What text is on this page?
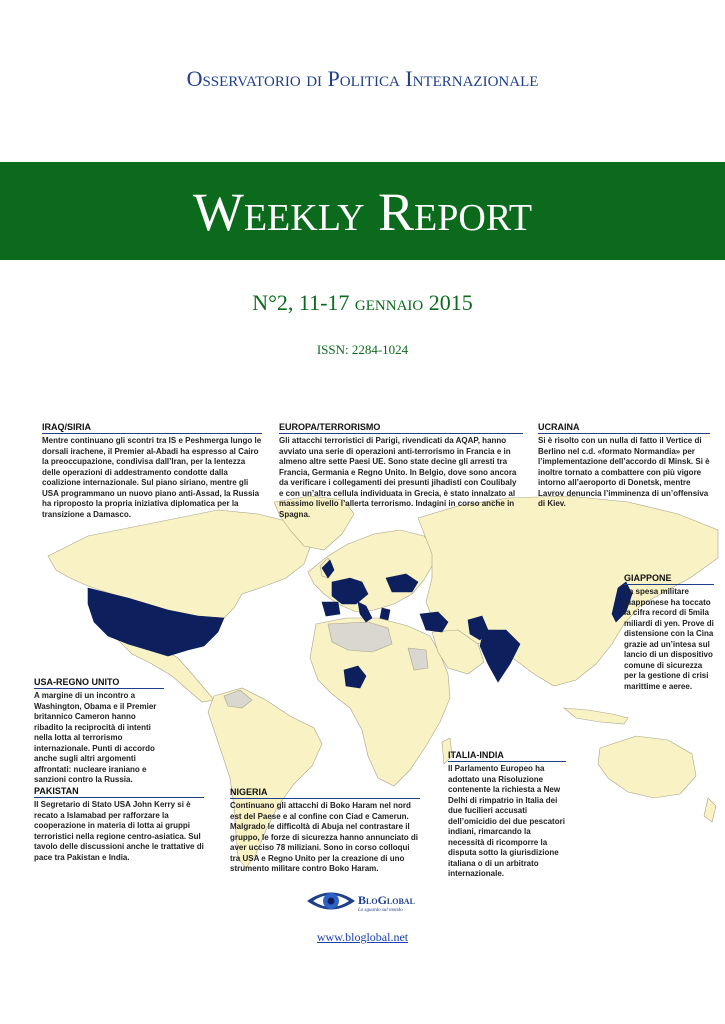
Osservatorio di Politica Internazionale
Weekly Report
N°2, 11-17 gennaio 2015
ISSN: 2284-1024
IRAQ/SIRIA
Mentre continuano gli scontri tra IS e Peshmerga lungo le dorsali irachene, il Premier al-Abadi ha espresso al Cairo la preoccupazione, condivisa dall’Iran, per la lentezza delle operazioni di addestramento condotte dalla coalizione internazionale. Sul piano siriano, mentre gli USA programmano un nuovo piano anti-Assad, la Russia ha riproposto la propria iniziativa diplomatica per la transizione a Damasco.
EUROPA/TERRORISMO
Gli attacchi terroristici di Parigi, rivendicati da AQAP, hanno avviato una serie di operazioni anti-terrorismo in Francia e in almeno altre sette Paesi UE. Sono state decine gli arresti tra Francia, Germania e Regno Unito. In Belgio, dove sono ancora da verificare i collegamenti dei presunti jihadisti con Coulibaly e con un’altra cellula individuata in Grecia, è stato innalzato al massimo livello l’allerta terrorismo. Indagini in corso anche in Spagna.
UCRAINA
Si è risolto con un nulla di fatto il Vertice di Berlino nel c.d. «formato Normandia» per l’implementazione dell’accordo di Minsk. Si è inoltre tornato a combattere con più vigore intorno all’aeroporto di Donetsk, mentre Lavrov denuncia l’imminenza di un’offensiva di Kiev.
GIAPPONE
La spesa militare giapponese ha toccato la cifra record di 5mila miliardi di yen. Prove di distensione con la Cina grazie ad un’intesa sul lancio di un dispositivo comune di sicurezza per la gestione di crisi marittime e aeree.
USA-REGNO UNITO
A margine di un incontro a Washington, Obama e il Premier britannico Cameron hanno ribadito la reciprocità di intenti nella lotta al terrorismo internazionale. Punti di accordo anche sugli altri argomenti affrontati: nucleare iraniano e sanzioni contro la Russia.
PAKISTAN
Il Segretario di Stato USA John Kerry si è recato a Islamabad per rafforzare la cooperazione in materia di lotta ai gruppi terroristici nella regione centro-asiatica. Sul tavolo delle discussioni anche le trattative di pace tra Pakistan e India.
NIGERIA
Continuano gli attacchi di Boko Haram nel nord est del Paese e al confine con Ciad e Camerun. Malgrado le difficoltà di Abuja nel contrastare il gruppo, le forze di sicurezza hanno annunciato di aver ucciso 78 miliziani. Sono in corso colloqui tra USA e Regno Unito per la creazione di uno strumento militare contro Boko Haram.
ITALIA-INDIA
Il Parlamento Europeo ha adottato una Risoluzione contenente la richiesta a New Delhi di rimpatrio in Italia dei due fucilieri accusati dell’omicidio dei due pescatori indiani, rimarcando la necessità di ricomporre la disputa sotto la giurisdizione italiana o di un arbitrato internazionale.
BloGlobal
Lo sguardo sul mondo
www.bloglobal.net
